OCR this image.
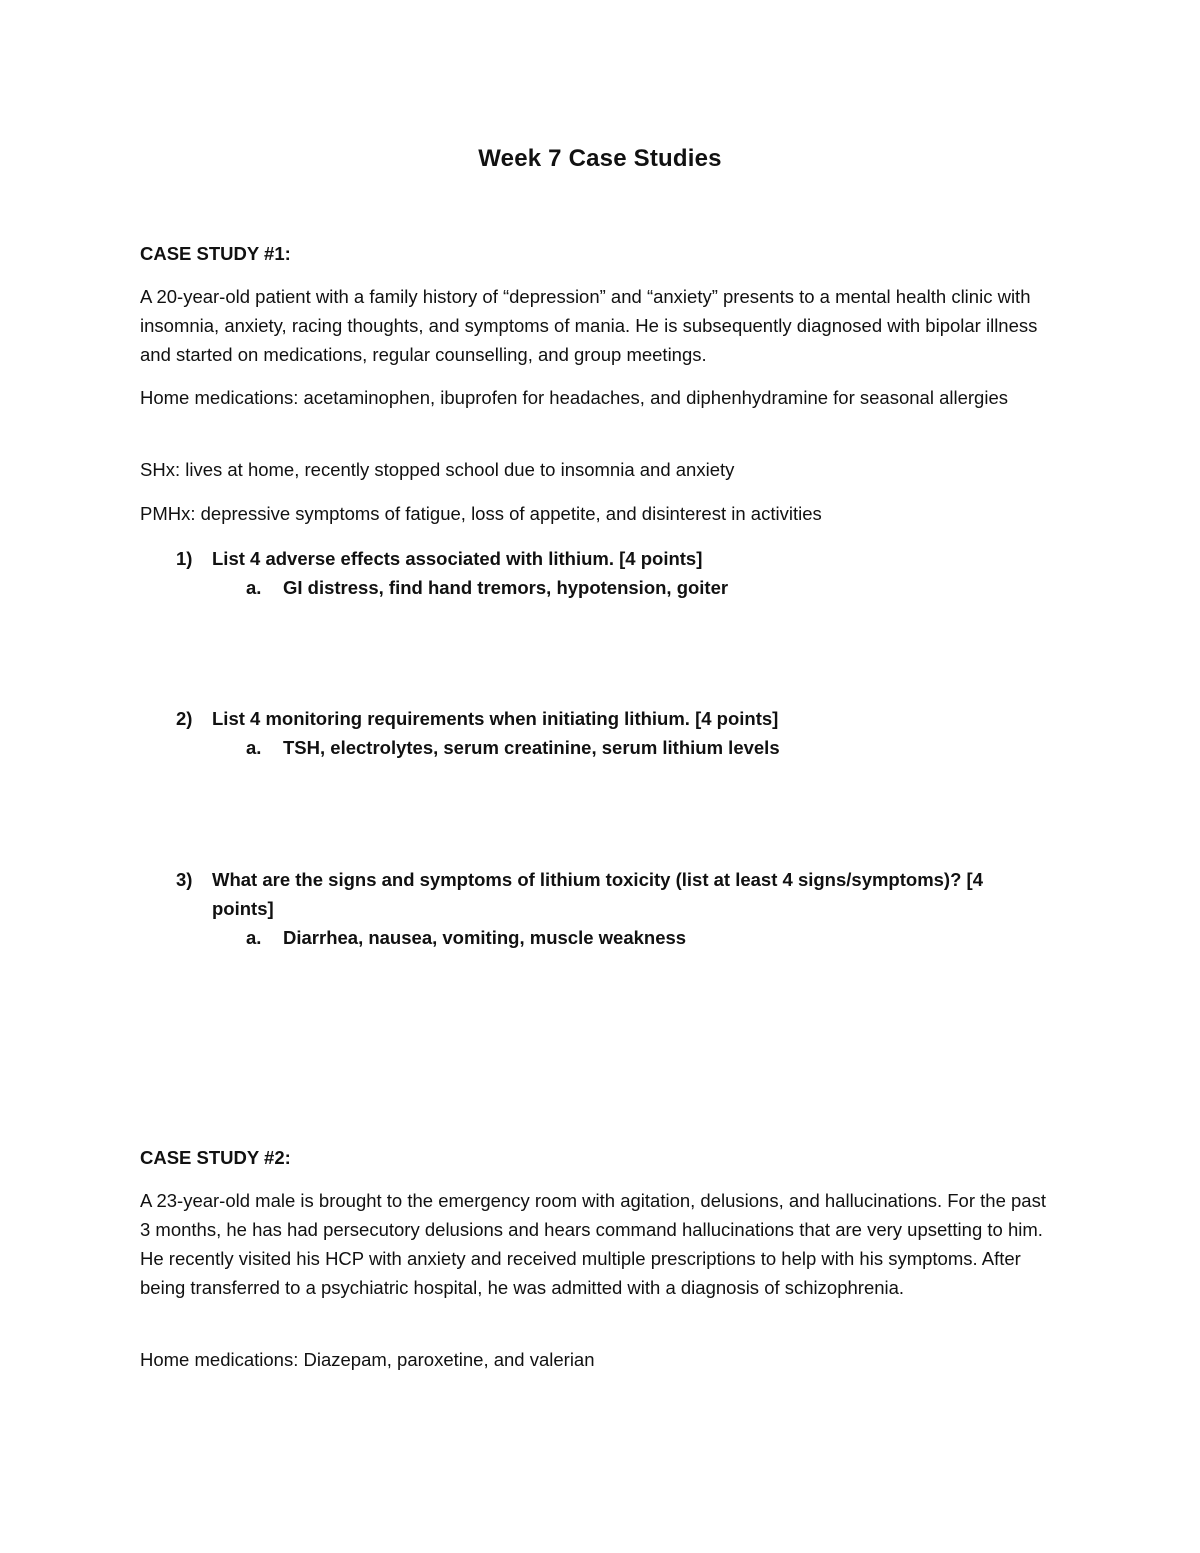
Week 7 Case Studies
CASE STUDY #1:
A 20-year-old patient with a family history of “depression” and “anxiety” presents to a mental health clinic with insomnia, anxiety, racing thoughts, and symptoms of mania. He is subsequently diagnosed with bipolar illness and started on medications, regular counselling, and group meetings.
Home medications: acetaminophen, ibuprofen for headaches, and diphenhydramine for seasonal allergies
SHx: lives at home, recently stopped school due to insomnia and anxiety
PMHx: depressive symptoms of fatigue, loss of appetite, and disinterest in activities
1) List 4 adverse effects associated with lithium. [4 points]
a. GI distress, find hand tremors, hypotension, goiter
2) List 4 monitoring requirements when initiating lithium. [4 points]
a. TSH, electrolytes, serum creatinine, serum lithium levels
3) What are the signs and symptoms of lithium toxicity (list at least 4 signs/symptoms)? [4 points]
a. Diarrhea, nausea, vomiting, muscle weakness
CASE STUDY #2:
A 23-year-old male is brought to the emergency room with agitation, delusions, and hallucinations. For the past 3 months, he has had persecutory delusions and hears command hallucinations that are very upsetting to him. He recently visited his HCP with anxiety and received multiple prescriptions to help with his symptoms. After being transferred to a psychiatric hospital, he was admitted with a diagnosis of schizophrenia.
Home medications: Diazepam, paroxetine, and valerian
